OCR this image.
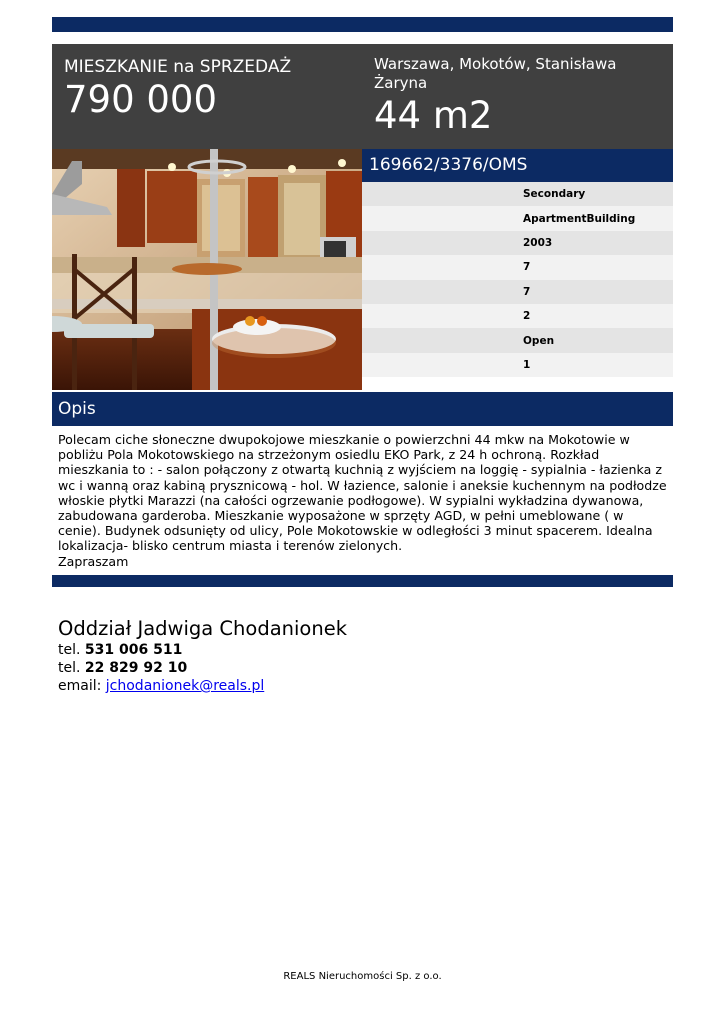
MIESZKANIE na SPRZEDAŻ
790 000
Warszawa, Mokotów, Stanisława Żaryna
44 m2
169662/3376/OMS
Secondary
ApartmentBuilding
2003
7
7
2
Open
1
Opis
Polecam ciche słoneczne dwupokojowe mieszkanie o powierzchni 44 mkw na Mokotowie w pobliżu Pola Mokotowskiego na strzeżonym osiedlu EKO Park, z 24 h ochroną. Rozkład mieszkania to : - salon połączony z otwartą kuchnią z wyjściem na loggię - sypialnia - łazienka z wc i wanną oraz kabiną prysznicową - hol. W łazience, salonie i aneksie kuchennym na podłodze włoskie płytki Marazzi (na całości ogrzewanie podłogowe). W sypialni wykładzina dywanowa, zabudowana garderoba. Mieszkanie wyposażone w sprzęty AGD, w pełni umeblowane ( w cenie). Budynek odsunięty od ulicy, Pole Mokotowskie w odległości 3 minut spacerem. Idealna lokalizacja- blisko centrum miasta i terenów zielonych.
Zapraszam
Oddział Jadwiga Chodanionek
tel. 531 006 511
tel. 22 829 92 10
email: jchodanionek@reals.pl
REALS Nieruchomości Sp. z o.o.
